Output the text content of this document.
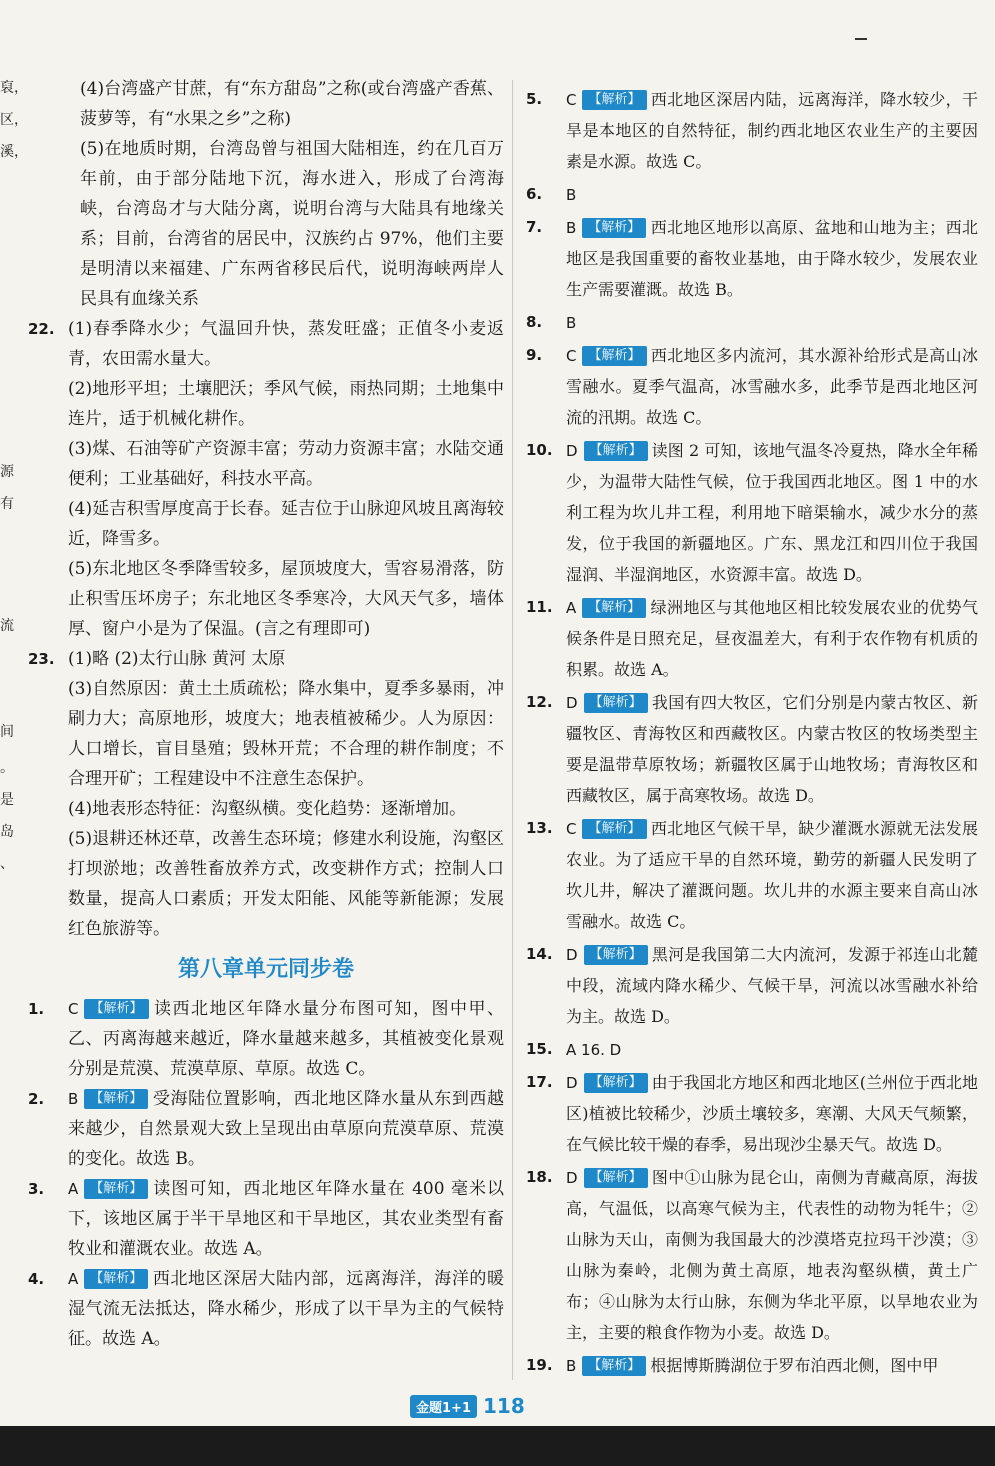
裒，
区，
溪，
源
有
流
间
。
是
岛
、

(4)台湾盛产甘蔗，有“东方甜岛”之称(或台湾盛产香蕉、菠萝等，有“水果之乡”之称)

(5)在地质时期，台湾岛曾与祖国大陆相连，约在几百万年前，由于部分陆地下沉，海水进入，形成了台湾海峡，台湾岛才与大陆分离，说明台湾与大陆具有地缘关系；目前，台湾省的居民中，汉族约占 97%，他们主要是明清以来福建、广东两省移民后代，说明海峡两岸人民具有血缘关系

22. (1)春季降水少；气温回升快，蒸发旺盛；正值冬小麦返青，农田需水量大。

(2)地形平坦；土壤肥沃；季风气候，雨热同期；土地集中连片，适于机械化耕作。

(3)煤、石油等矿产资源丰富；劳动力资源丰富；水陆交通便利；工业基础好，科技水平高。

(4)延吉积雪厚度高于长春。延吉位于山脉迎风坡且离海较近，降雪多。

(5)东北地区冬季降雪较多，屋顶坡度大，雪容易滑落，防止积雪压坏房子；东北地区冬季寒冷，大风天气多，墙体厚、窗户小是为了保温。(言之有理即可)

23. (1)略 (2)太行山脉 黄河 太原

(3)自然原因：黄土土质疏松；降水集中，夏季多暴雨，冲刷力大；高原地形，坡度大；地表植被稀少。人为原因：人口增长，盲目垦殖；毁林开荒；不合理的耕作制度；不合理开矿；工程建设中不注意生态保护。

(4)地表形态特征：沟壑纵横。变化趋势：逐渐增加。

(5)退耕还林还草，改善生态环境；修建水利设施，沟壑区打坝淤地；改善牲畜放养方式，改变耕作方式；控制人口数量，提高人口素质；开发太阳能、风能等新能源；发展红色旅游等。

第八章单元同步卷
1.	C 【解析】 读西北地区年降水量分布图可知，图中甲、乙、丙离海越来越近，降水量越来越多，其植被变化景观分别是荒漠、荒漠草原、草原。故选 C。

2.	B 【解析】 受海陆位置影响，西北地区降水量从东到西越来越少，自然景观大致上呈现出由草原向荒漠草原、荒漠的变化。故选 B。

3.	A 【解析】 读图可知，西北地区年降水量在 400 毫米以下，该地区属于半干旱地区和干旱地区，其农业类型有畜牧业和灌溉农业。故选 A。

4.	A 【解析】 西北地区深居大陆内部，远离海洋，海洋的暖湿气流无法抵达，降水稀少，形成了以干旱为主的气候特征。故选 A。

5.	C 【解析】 西北地区深居内陆，远离海洋，降水较少，干旱是本地区的自然特征，制约西北地区农业生产的主要因素是水源。故选 C。

6.	B

7.	B 【解析】 西北地区地形以高原、盆地和山地为主；西北地区是我国重要的畜牧业基地，由于降水较少，发展农业生产需要灌溉。故选 B。

8.	B

9.	C 【解析】 西北地区多内流河，其水源补给形式是高山冰雪融水。夏季气温高，冰雪融水多，此季节是西北地区河流的汛期。故选 C。

10. D 【解析】 读图 2 可知，该地气温冬冷夏热，降水全年稀少，为温带大陆性气候，位于我国西北地区。图 1 中的水利工程为坎儿井工程，利用地下暗渠输水，减少水分的蒸发，位于我国的新疆地区。广东、黑龙江和四川位于我国湿润、半湿润地区，水资源丰富。故选 D。

11. A 【解析】 绿洲地区与其他地区相比较发展农业的优势气候条件是日照充足，昼夜温差大，有利于农作物有机质的积累。故选 A。

12. D 【解析】 我国有四大牧区，它们分别是内蒙古牧区、新疆牧区、青海牧区和西藏牧区。内蒙古牧区的牧场类型主要是温带草原牧场；新疆牧区属于山地牧场；青海牧区和西藏牧区，属于高寒牧场。故选 D。

13. C 【解析】 西北地区气候干旱，缺少灌溉水源就无法发展农业。为了适应干旱的自然环境，勤劳的新疆人民发明了坎儿井，解决了灌溉问题。坎儿井的水源主要来自高山冰雪融水。故选 C。

14. D 【解析】 黑河是我国第二大内流河，发源于祁连山北麓中段，流域内降水稀少、气候干旱，河流以冰雪融水补给为主。故选 D。

15. A 16. D

17. D 【解析】 由于我国北方地区和西北地区(兰州位于西北地区)植被比较稀少，沙质土壤较多，寒潮、大风天气频繁，在气候比较干燥的春季，易出现沙尘暴天气。故选 D。

18. D 【解析】 图中①山脉为昆仑山，南侧为青藏高原，海拔高，气温低，以高寒气候为主，代表性的动物为牦牛；②山脉为天山，南侧为我国最大的沙漠塔克拉玛干沙漠；③山脉为秦岭，北侧为黄土高原，地表沟壑纵横，黄土广布；④山脉为太行山脉，东侧为华北平原，以旱地农业为主，主要的粮食作物为小麦。故选 D。

19. B 【解析】 根据博斯腾湖位于罗布泊西北侧，图中甲

金题1+1 118
